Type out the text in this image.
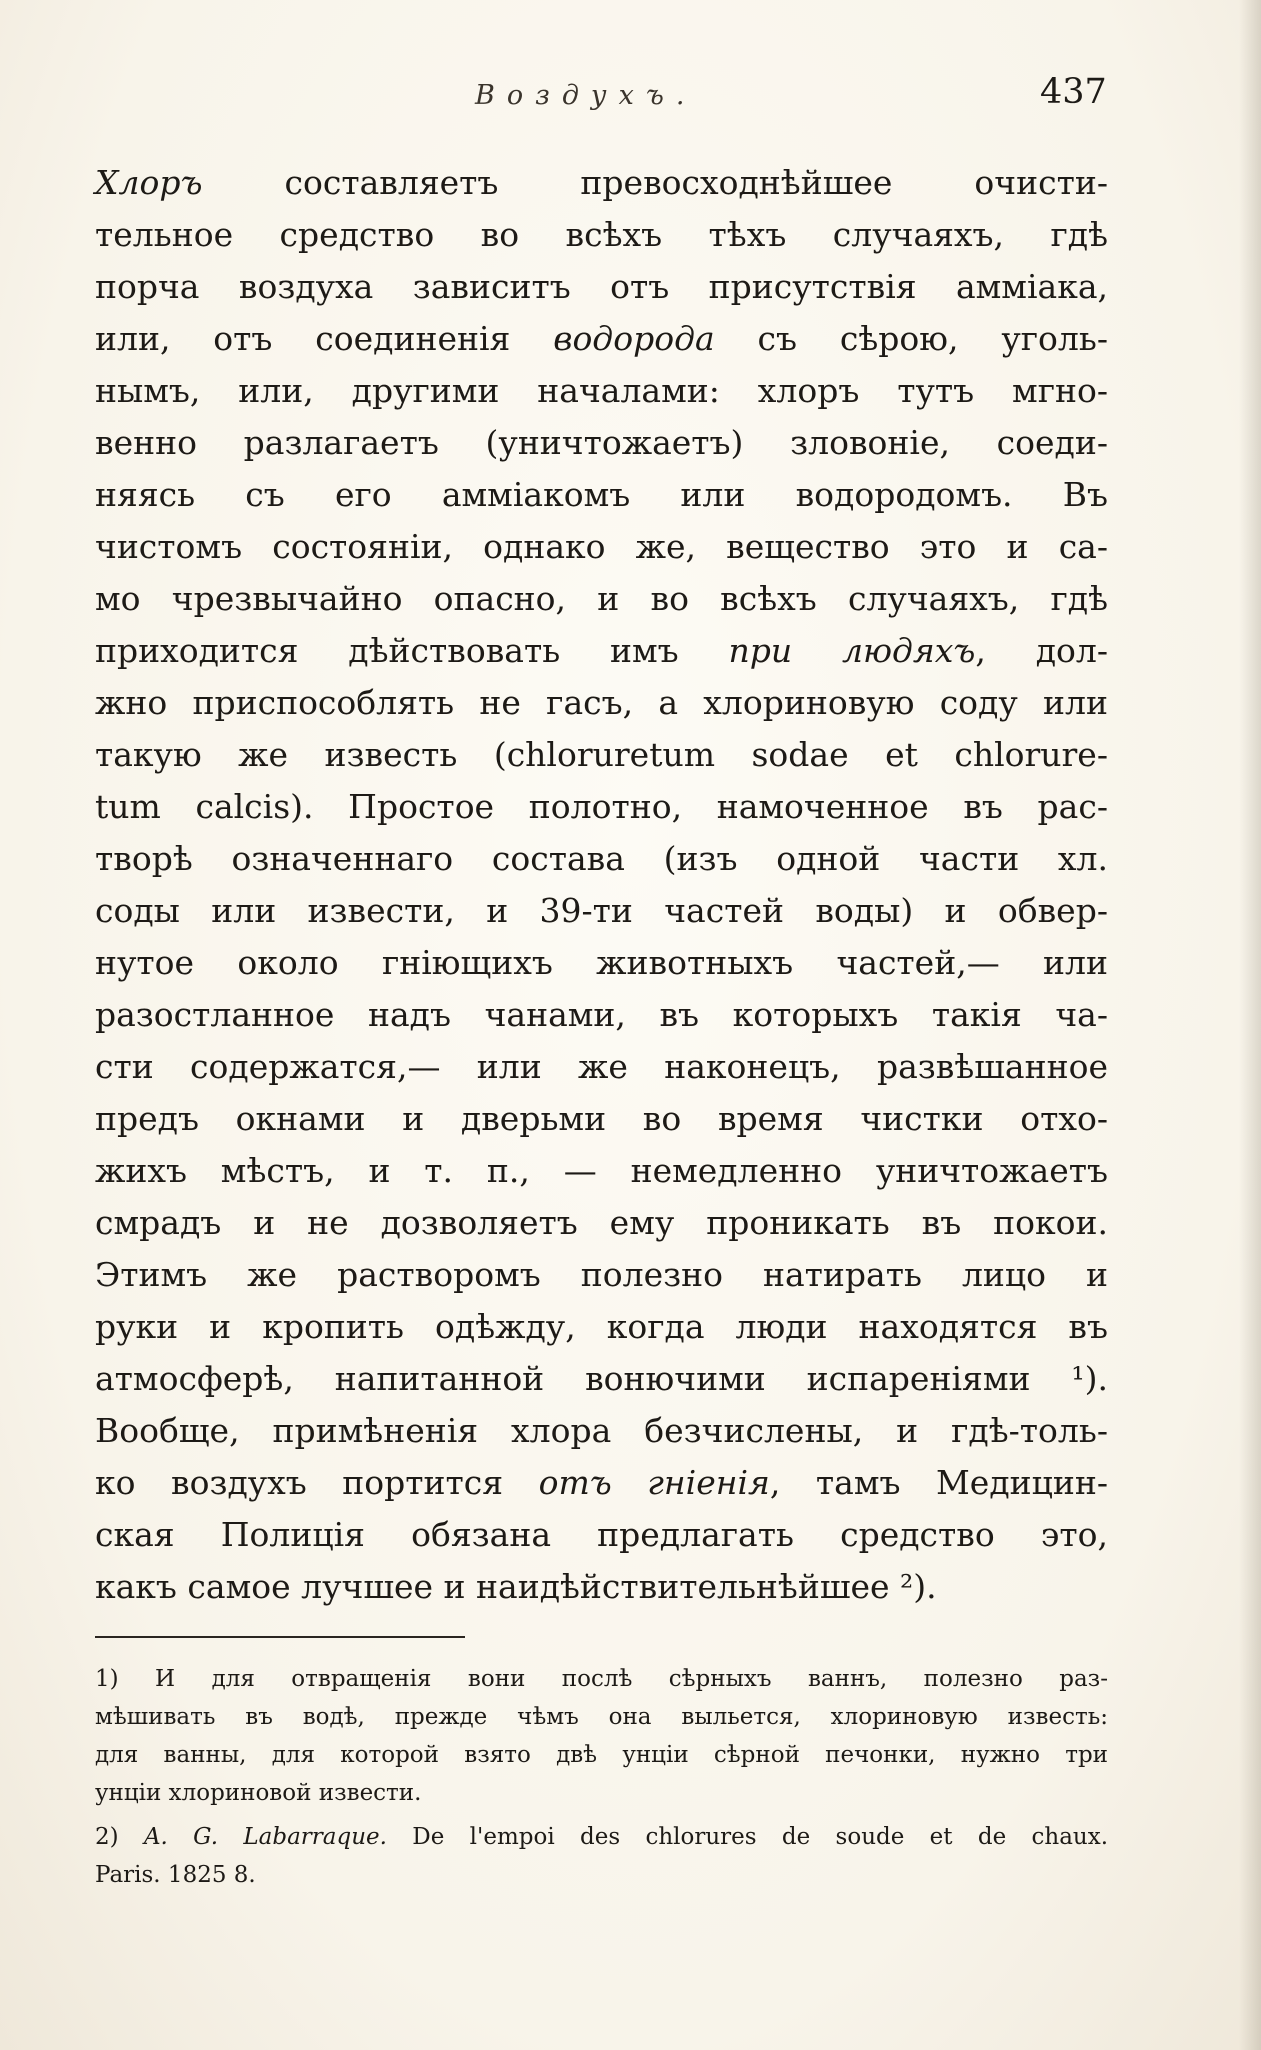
Воздухъ.	437
Хлоръ составляетъ превосходнѣйшее очисти-
тельное средство во всѣхъ тѣхъ случаяхъ, гдѣ
порча воздуха зависитъ отъ присутствія амміака,
или, отъ соединенія водорода съ сѣрою, уголь-
нымъ, или, другими началами: хлоръ тутъ мгно-
венно разлагаетъ (уничтожаетъ) зловоніе, соеди-
няясь съ его амміакомъ или водородомъ. Въ
чистомъ состояніи, однако же, вещество это и са-
мо чрезвычайно опасно, и во всѣхъ случаяхъ, гдѣ
приходится дѣйствовать имъ при людяхъ, дол-
жно приспособлять не гасъ, а хлориновую соду или
такую же известь (chloruretum sodae et chlorure-
tum calcis). Простое полотно, намоченное въ рас-
творѣ означеннаго состава (изъ одной части хл.
соды или извести, и 39-ти частей воды) и обвер-
нутое около гніющихъ животныхъ частей,— или
разостланное надъ чанами, въ которыхъ такія ча-
сти содержатся,— или же наконецъ, развѣшанное
предъ окнами и дверьми во время чистки отхо-
жихъ мѣстъ, и т. п., — немедленно уничтожаетъ
смрадъ и не дозволяетъ ему проникать въ покои.
Этимъ же растворомъ полезно натирать лицо и
руки и кропить одѣжду, когда люди находятся въ
атмосферѣ, напитанной вонючими испареніями ¹).
Вообще, примѣненія хлора безчислены, и гдѣ-толь-
ко воздухъ портится отъ гніенія, тамъ Медицин-
ская Полиція обязана предлагать средство это,
какъ самое лучшее и наидѣйствительнѣйшее ²).
1) И для отвращенія вони послѣ сѣрныхъ ваннъ, полезно раз-
мѣшивать въ водѣ, прежде чѣмъ она выльется, хлориновую известь:
для ванны, для которой взято двѣ унціи сѣрной печонки, нужно три
унціи хлориновой извести.
2) A. G. Labarraque. De l'empoi des chlorures de soude et de chaux.
Paris. 1825 8.
